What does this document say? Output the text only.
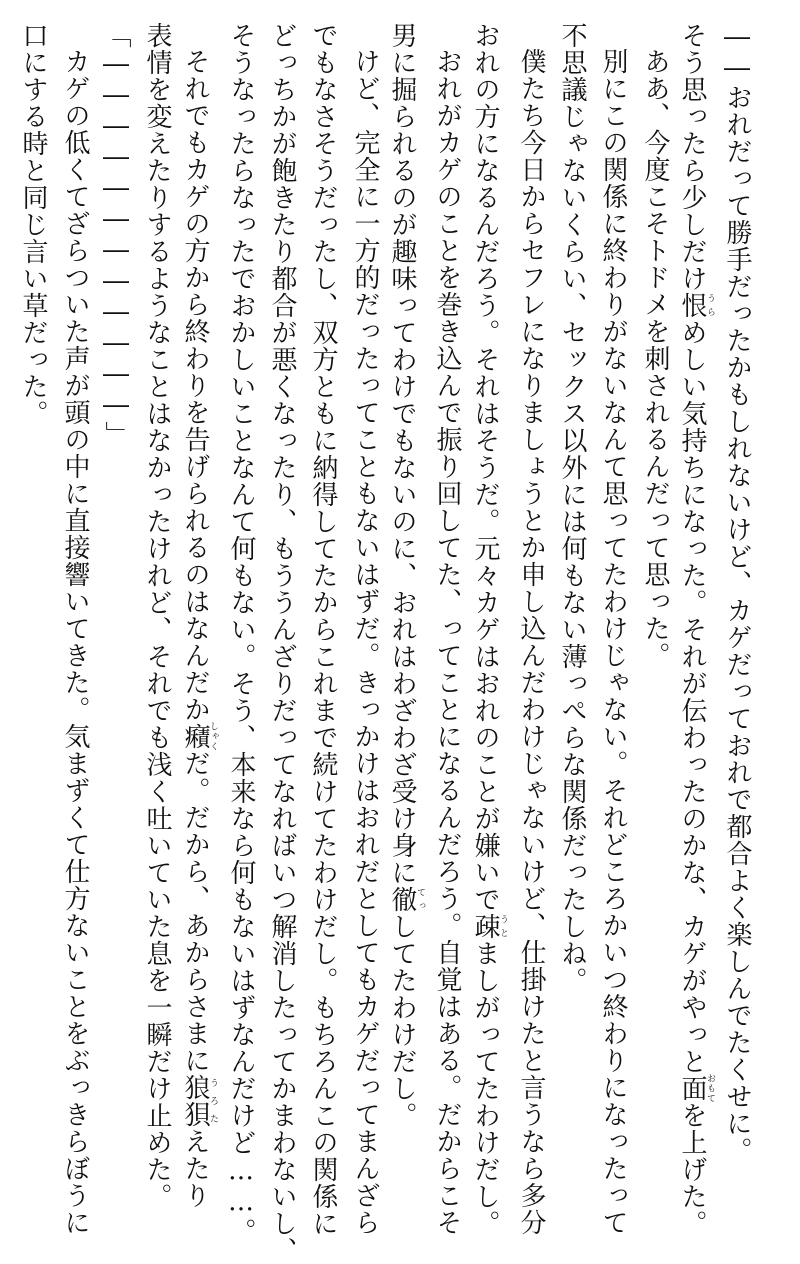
――おれだって勝手だったかもしれないけど、カゲだっておれで都合よく楽しんでたくせに。
そう思ったら少しだけ恨うらめしい気持ちになった。それが伝わったのかな、カゲがやっと面おもてを上げた。
ああ、今度こそトドメを刺されるんだって思った。
別にこの関係に終わりがないなんて思ってたわけじゃない。それどころかいつ終わりになったって
不思議じゃないくらい、セックス以外には何もない薄っぺらな関係だったしね。
僕たち今日からセフレになりましょうとか申し込んだわけじゃないけど、仕掛けたと言うなら多分
おれの方になるんだろう。それはそうだ。元々カゲはおれのことが嫌いで疎うとましがってたわけだし。
おれがカゲのことを巻き込んで振り回してた、ってことになるんだろう。自覚はある。だからこそ
男に掘られるのが趣味ってわけでもないのに、おれはわざわざ受け身に徹てっしてたわけだし。
けど、完全に一方的だったってこともないはずだ。きっかけはおれだとしてもカゲだってまんざら
でもなさそうだったし、双方ともに納得してたからこれまで続けてたわけだし。もちろんこの関係に
どっちかが飽きたり都合が悪くなったり、もううんざりだってなればいつ解消したってかまわないし、
そうなったらなったでおかしいことなんて何もない。そう、本来なら何もないはずなんだけど……。
それでもカゲの方から終わりを告げられるのはなんだか癪しゃくだ。だから、あからさまに狼狽うろたえたり
表情を変えたりするようなことはなかったけれど、それでも浅く吐いていた息を一瞬だけ止めた。
「――――――――――――」
カゲの低くてざらついた声が頭の中に直接響いてきた。気まずくて仕方ないことをぶっきらぼうに
口にする時と同じ言い草だった。
